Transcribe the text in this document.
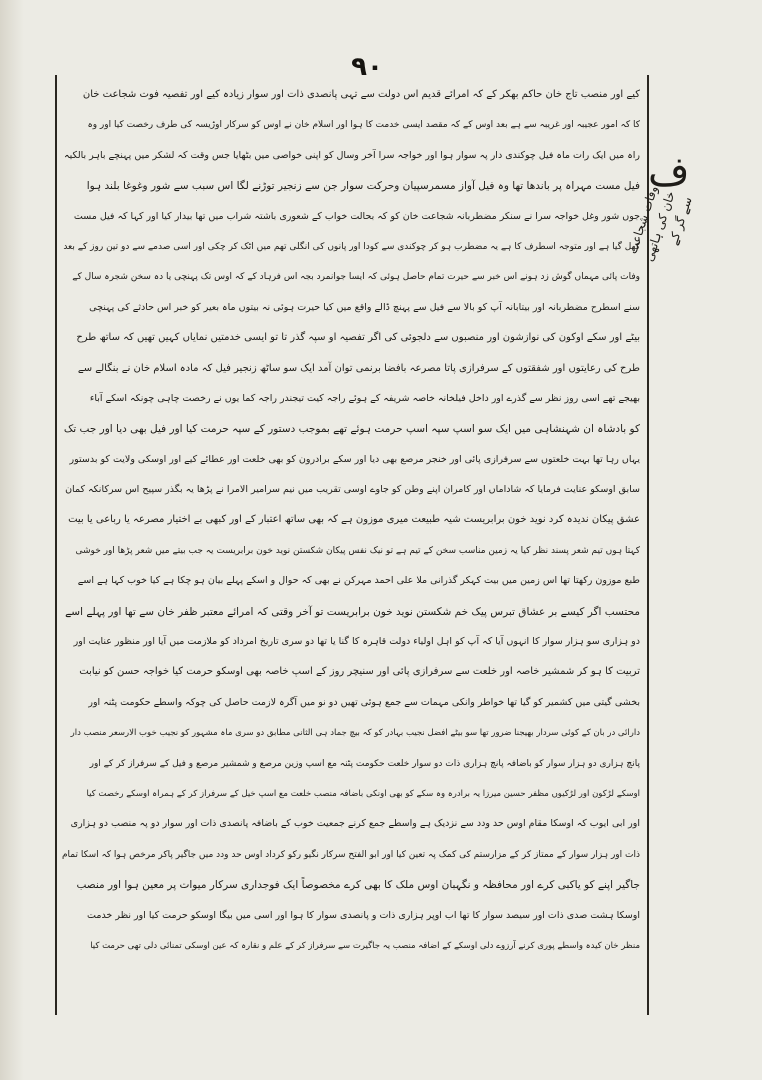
۹۰
کیے اور منصب تاج خان حاکم بھکر کے کہ امرائے قدیم اس دولت سے تہی پانصدی ذات اور سوار زیادہ کیے اور تفصیہ فوت شجاعت خان
کا کہ امور عجیبہ اور غریبہ سے ہے بعد اوس کے کہ مقصد ایسی خدمت کا ہوا اور اسلام خان نے اوس کو سرکار اوڑیسہ کی طرف رخصت کیا اور وہ
راہ میں ایک رات ماہ فیل چوکندی دار پہ سوار ہوا اور خواجہ سرا آخر وسال کو اپنی خواصی میں بٹھایا جس وقت کہ لشکر میں پہنچے باہر بالکیہ
فیل مست مہراہ پر باندھا تھا وہ فیل آواز مسمرسپیان وحرکت سوار جن سے زنجیر توڑنے لگا اس سبب سے شور وغوغا بلند ہوا
جوں شور وغل خواجہ سرا نے سنکر مضطربانہ شجاعت خان کو کہ بحالت خواب کے شعوری باشتہ شراب میں تھا بیدار کیا اور کہا کہ فیل مست
کھل گیا ہے اور متوجہ اسطرف کا ہے یہ مضطرب ہو کر چوکندی سے کودا اور پانوں کی انگلی تھم میں اٹک کر چکی اور اسی صدمے سے دو تین روز کے بعد
وفات پائی مہماں گوش زد ہونے اس خبر سے حیرت تمام حاصل ہوئی کہ ایسا جوانمرد بجہ اس فرہاد کے کہ اوس تک پہنچی یا دہ سخن شجرہ سال کے
سنے اسطرح مضطربانہ اور بیتابانہ آپ کو بالا سے فیل سے پہنچ ڈالے واقع میں کیا حیرت ہوئی نہ بیتوں ماہ بعیر کو خبر اس حادثے کی پہنچی
بیٹے اور سکے اوکون کی نوازشون اور منصبوں سے دلجوئی کی اگر تفصیہ او سپہ گذر تا تو ایسی خدمتیں نمایاں کہیں تھیں کہ ساتھ طرح
طرح کی رعایتوں اور شفقتوں کے سرفرازی پاتا مصرعہ بافضا برنمی توان آمد ایک سو ساٹھ زنجیر فیل کہ مادہ اسلام خان نے بنگالے سے
بھیجے تھے اسی روز نظر سے گذرے اور داخل فیلخانہ خاصہ شریفہ کے ہوئے راجہ کیت تیجندر راجہ کما یوں نے رخصت چاہی چونکہ اسکے آباء
کو بادشاہ ان شہنشاہی میں ایک سو اسپ سپہ اسپ حرمت ہوئے تھے بموجب دستور کے سپہ حرمت کیا اور فیل بھی دیا اور جب تک
یہاں رہا تھا بہت خلعتوں سے سرفرازی پائی اور خنجر مرصع بھی دیا اور سکے برادرون کو بھی خلعت اور عطائے کیے اور اوسکی ولایت کو بدستور
سابق اوسکو عنایت فرمایا کہ شاداماں اور کامران اپنے وطن کو جاوے اوسی تقریب میں نیم سرامیر الامرا نے پڑھا یہ بگذر سپیح اس سرکانکہ کمان
عشق پیکان ندیدہ کرد نوید خون برابریست شیہ طبیعت میری موزون ہے کہ بھی ساتھ اعتبار کے اور کبھی بے اختیار مصرعہ یا رباعی یا بیت
کہتا ہوں تیم شعر پسند نظر کیا یہ زمین مناسب سخن کے تیم ہے تو نیک نفس پیکان شکستن نوید خون برابریست یہ جب بیتے میں شعر پڑھا اور خوشی
طبع موزون رکھتا تھا اس زمین میں بیت کہکر گذرانی ملا علی احمد مہرکن نے بھی کہ حوال و اسکے پہلے بیان ہو چکا ہے کیا خوب کہا ہے اسے
محتسب اگر کیسے بر عشاق تبرس پیک خم شکستن نوید خون برابریست تو آخر وقتی کہ امرائے معتبر ظفر خان سے تھا اور پہلے اسے
دو ہزاری سو ہزار سوار کا انہوں آیا کہ آپ کو اہل اولیاء دولت قاہرہ کا گنا یا تھا دو سری تاریخ امرداد کو ملازمت میں آیا اور منظور عنایت اور
تربیت کا ہو کر شمشیر خاصہ اور خلعت سے سرفرازی پائی اور سنیچر روز کے اسپ خاصہ بھی اوسکو حرمت کیا خواجہ حسن کو نیابت
بخشی گیتی میں کشمیر کو گیا تھا خواطر وانکی مہمات سے جمع ہوئی تھیں دو نو میں آگرہ لازمت حاصل کی چوکہ واسطے حکومت پٹنہ اور
دارائی در بان کے کوئی سردار بھیجنا ضرور تھا سو بیٹے افضل نجیب بہادر کو کہ بیچ جماد ہی الثانی مطابق دو سری ماہ مشہور کو نجیب خوب الارسعر منصب دار
پانچ ہزاری دو ہزار سوار کو باضافہ پانچ ہزاری ذات دو سوار خلعت حکومت پٹنہ مع اسپ وزین مرصع و شمشیر مرصع و فیل کے سرفراز کر کے اور
اوسکے لڑکون اور لڑکیوں مظفر حسین میرزا یہ برادرہ وہ سکے کو بھی اونکی باضافہ منصب خلعت مع اسپ خیل کے سرفراز کر کے ہمراہ اوسکے رخصت کیا
اور ابی ایوب کہ اوسکا مقام اوس حد ودد سے نزدیک ہے واسطے جمع کرنے جمعیت خوب کے باضافہ پانصدی ذات اور سوار دو پہ منصب دو ہزاری
ذات اور ہزار سوار کے ممتاز کر کے مزارستم کی کمک پہ تعین کیا اور ابو الفتح سرکار نگیو رکو کرداد اوس حد ودد میں جاگیر پاکر مرخص ہوا کہ اسکا تمام
جاگیر اپنے کو یاکبی کرے اور محافظہ و نگہبان اوس ملک کا بھی کرے مخصوصاً ایک فوجداری سرکار میوات پر معین ہوا اور منصب
اوسکا ہشت صدی ذات اور سیصد سوار کا تھا اب اوپر ہزاری ذات و پانصدی سوار کا ہوا اور اسی میں بیگا اوسکو حرمت کیا اور نظر خدمت
منظر خان کیدہ واسطے پوری کرنے آرزوے دلی اوسکے کے اضافہ منصب یہ جاگیرت سے سرفراز کر کے علم و نقارہ کہ عین اوسکی تمنائی دلی تھی حرمت کیا
ف
وفات شجاعت خان کی ہاتھی سے گر کے
